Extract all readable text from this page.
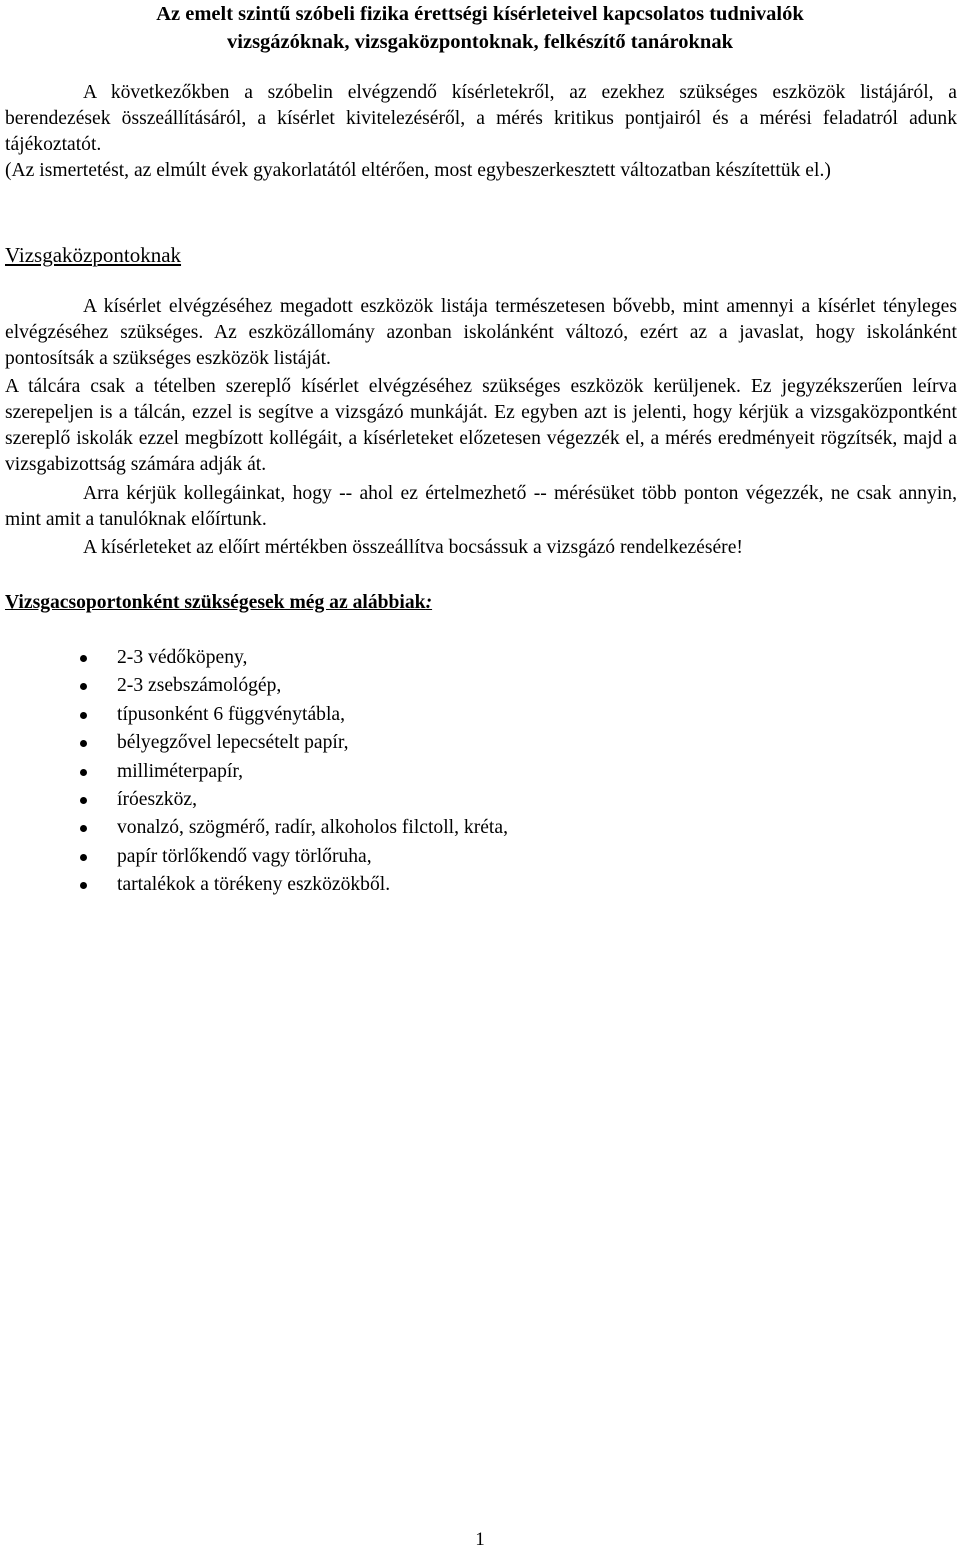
Az emelt szintű szóbeli fizika érettségi kísérleteivel kapcsolatos tudnivalók
vizsgázóknak, vizsgaközpontoknak, felkészítő tanároknak

A következőkben a szóbelin elvégzendő kísérletekről, az ezekhez szükséges eszközök listájáról, a berendezések összeállításáról, a kísérlet kivitelezéséről, a mérés kritikus pontjairól és a mérési feladatról adunk tájékoztatót.

(Az ismertetést, az elmúlt évek gyakorlatától eltérően, most egybeszerkesztett változatban készítettük el.)

Vizsgaközpontoknak

A kísérlet elvégzéséhez megadott eszközök listája természetesen bővebb, mint amennyi a kísérlet tényleges elvégzéséhez szükséges. Az eszközállomány azonban iskolánként változó, ezért az a javaslat, hogy iskolánként pontosítsák a szükséges eszközök listáját.

A tálcára csak a tételben szereplő kísérlet elvégzéséhez szükséges eszközök kerüljenek. Ez jegyzékszerűen leírva szerepeljen is a tálcán, ezzel is segítve a vizsgázó munkáját. Ez egyben azt is jelenti, hogy kérjük a vizsgaközpontként szereplő iskolák ezzel megbízott kollégáit, a kísérleteket előzetesen végezzék el, a mérés eredményeit rögzítsék, majd a vizsgabizottság számára adják át.

Arra kérjük kollegáinkat, hogy -- ahol ez értelmezhető -- mérésüket több ponton végezzék, ne csak annyin, mint amit a tanulóknak előírtunk.

A kísérleteket az előírt mértékben összeállítva bocsássuk a vizsgázó rendelkezésére!

Vizsgacsoportonként szükségesek még az alábbiak:
2-3 védőköpeny,
2-3 zsebszámológép,
típusonként 6 függvénytábla,
bélyegzővel lepecsételt papír,
milliméterpapír,
íróeszköz,
vonalzó, szögmérő, radír, alkoholos filctoll, kréta,
papír törlőkendő vagy törlőruha,
tartalékok a törékeny eszközökből.

1
